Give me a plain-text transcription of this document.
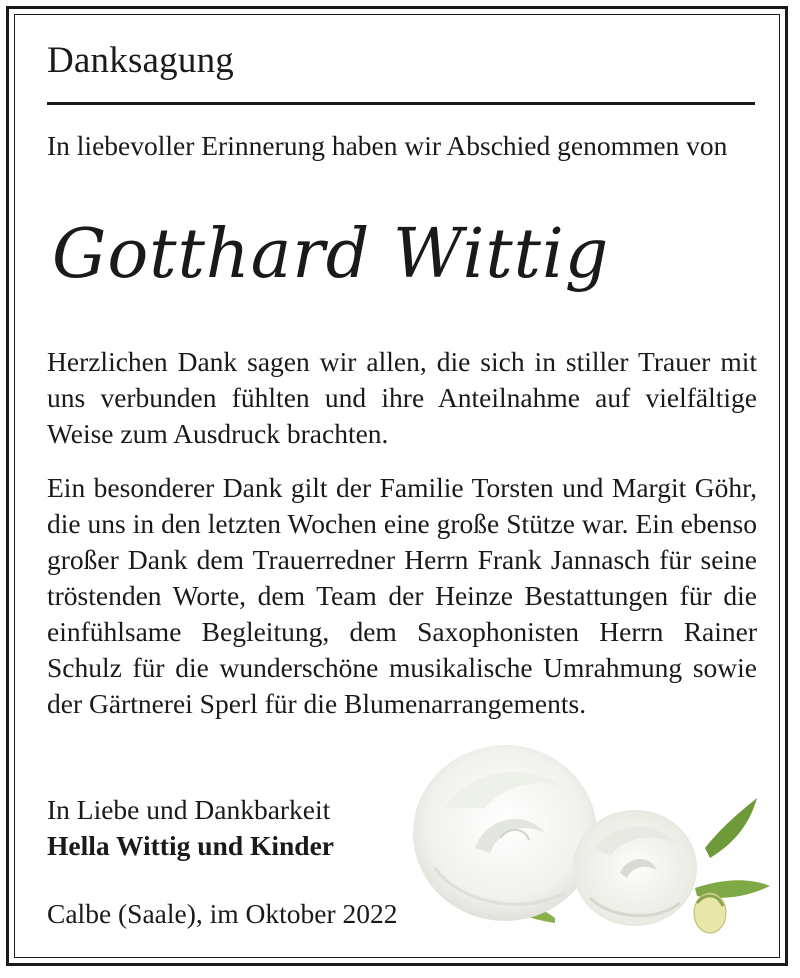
Danksagung
In liebevoller Erinnerung haben wir Abschied genommen von
Gotthard Wittig
Herzlichen Dank sagen wir allen, die sich in stiller Trauer mit uns verbunden fühlten und ihre Anteilnahme auf vielfältige Weise zum Ausdruck brachten.
Ein besonderer Dank gilt der Familie Torsten und Margit Göhr, die uns in den letzten Wochen eine große Stütze war. Ein ebenso großer Dank dem Trauerredner Herrn Frank Jannasch für seine tröstenden Worte, dem Team der Heinze Bestattungen für die einfühlsame Begleitung, dem Saxophonisten Herrn Rainer Schulz für die wunderschöne musikalische Umrahmung sowie der Gärtnerei Sperl für die Blumenarrangements.
In Liebe und Dankbarkeit
Hella Wittig und Kinder
Calbe (Saale), im Oktober 2022
